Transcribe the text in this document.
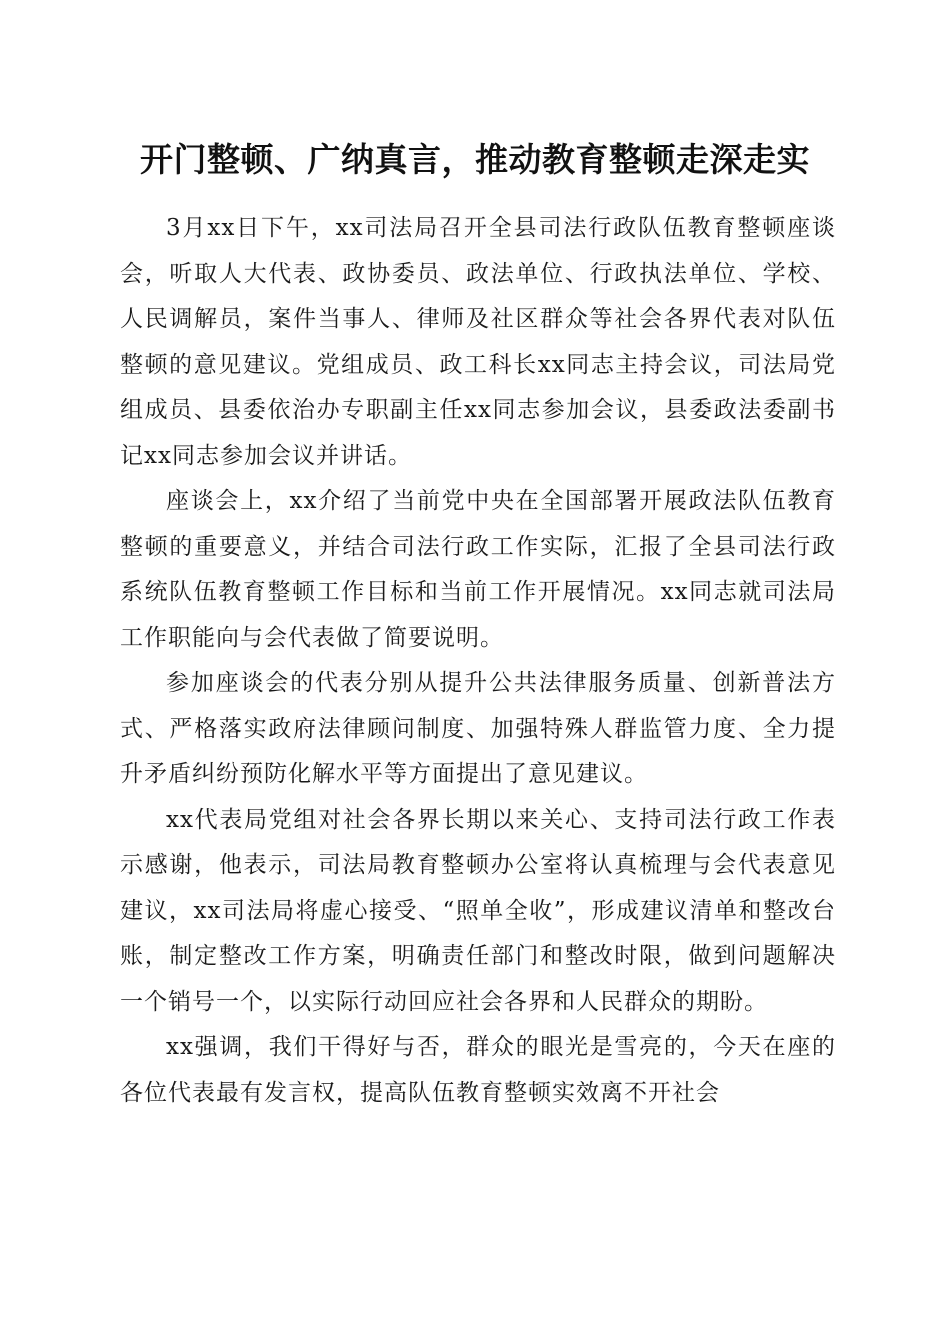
开门整顿、广纳真言，推动教育整顿走深走实

3月xx日下午，xx司法局召开全县司法行政队伍教育整顿座谈会，听取人大代表、政协委员、政法单位、行政执法单位、学校、人民调解员，案件当事人、律师及社区群众等社会各界代表对队伍整顿的意见建议。党组成员、政工科长xx同志主持会议，司法局党组成员、县委依治办专职副主任xx同志参加会议，县委政法委副书记xx同志参加会议并讲话。

座谈会上，xx介绍了当前党中央在全国部署开展政法队伍教育整顿的重要意义，并结合司法行政工作实际，汇报了全县司法行政系统队伍教育整顿工作目标和当前工作开展情况。xx同志就司法局工作职能向与会代表做了简要说明。

参加座谈会的代表分别从提升公共法律服务质量、创新普法方式、严格落实政府法律顾问制度、加强特殊人群监管力度、全力提升矛盾纠纷预防化解水平等方面提出了意见建议。

xx代表局党组对社会各界长期以来关心、支持司法行政工作表示感谢，他表示，司法局教育整顿办公室将认真梳理与会代表意见建议，xx司法局将虚心接受、“照单全收”，形成建议清单和整改台账，制定整改工作方案，明确责任部门和整改时限，做到问题解决一个销号一个，以实际行动回应社会各界和人民群众的期盼。

xx强调，我们干得好与否，群众的眼光是雪亮的，今天在座的各位代表最有发言权，提高队伍教育整顿实效离不开社会
